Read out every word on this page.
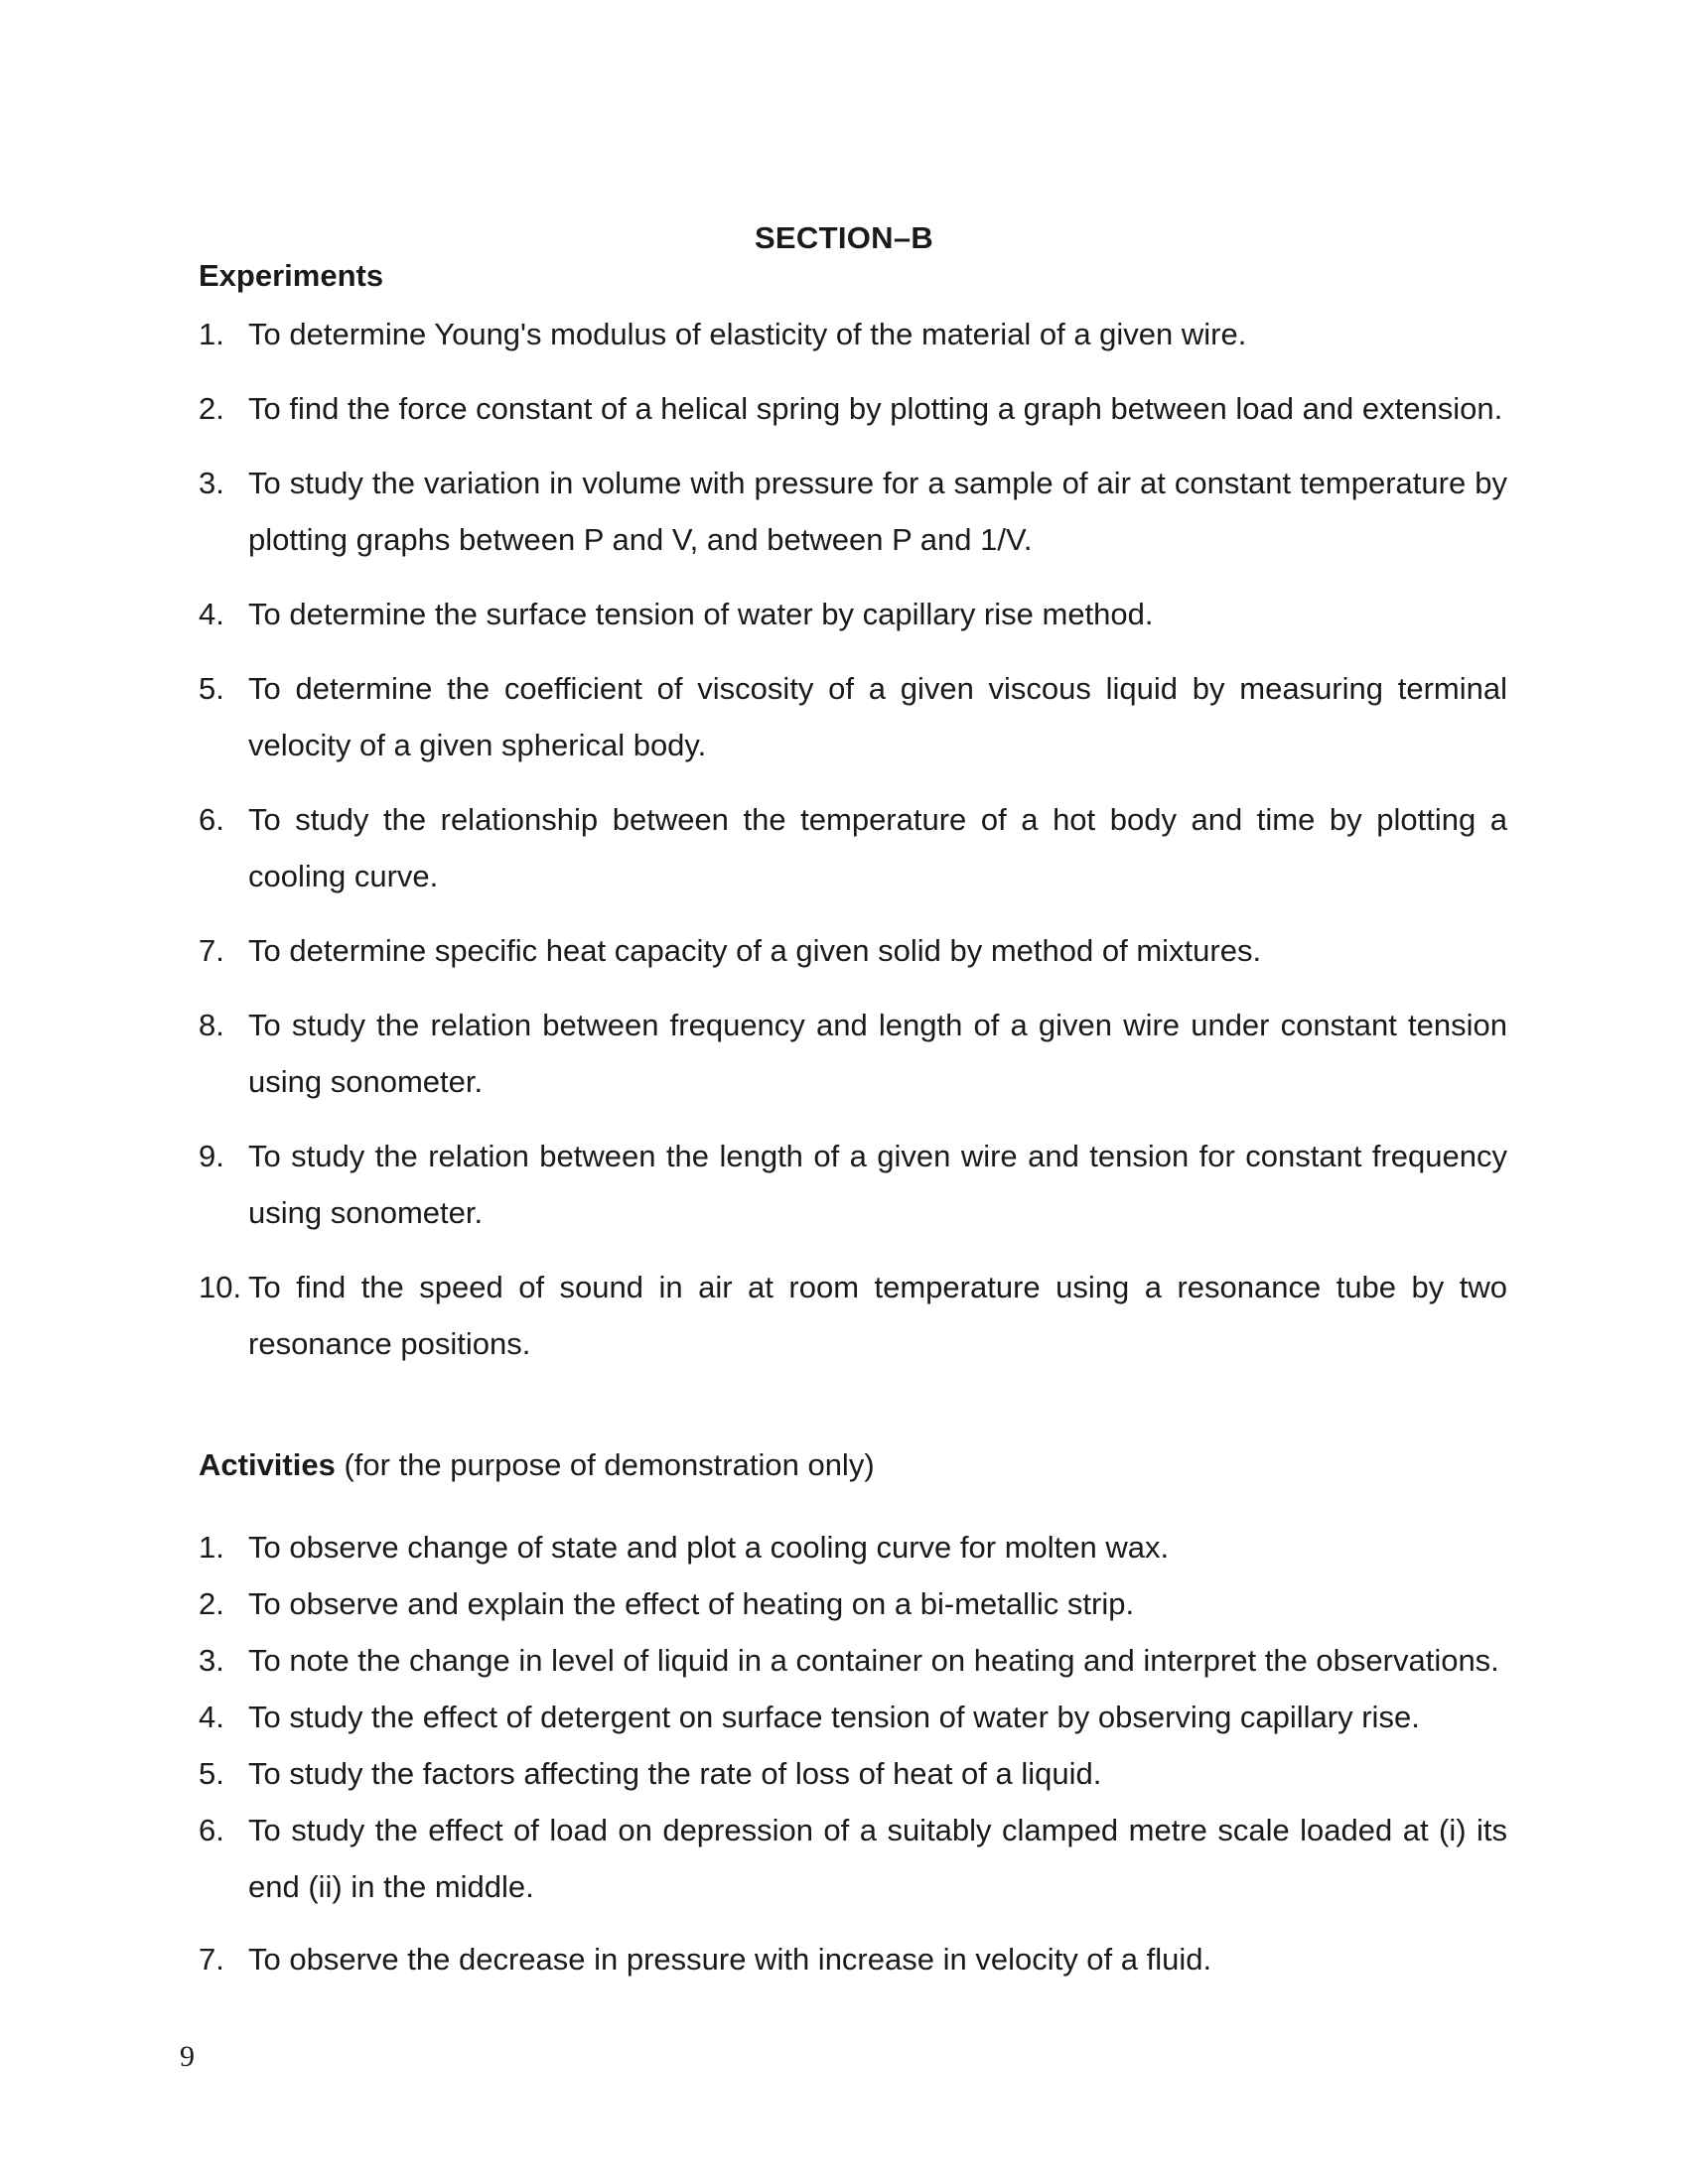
SECTION–B
Experiments
1. To determine Young's modulus of elasticity of the material of a given wire.
2. To find the force constant of a helical spring by plotting a graph between load and extension.
3. To study the variation in volume with pressure for a sample of air at constant temperature by plotting graphs between P and V, and between P and 1/V.
4. To determine the surface tension of water by capillary rise method.
5. To determine the coefficient of viscosity of a given viscous liquid by measuring terminal velocity of a given spherical body.
6. To study the relationship between the temperature of a hot body and time by plotting a cooling curve.
7. To determine specific heat capacity of a given solid by method of mixtures.
8. To study the relation between frequency and length of a given wire under constant tension using sonometer.
9. To study the relation between the length of a given wire and tension for constant frequency using sonometer.
10. To find the speed of sound in air at room temperature using a resonance tube by two resonance positions.
Activities (for the purpose of demonstration only)
1. To observe change of state and plot a cooling curve for molten wax.
2. To observe and explain the effect of heating on a bi-metallic strip.
3. To note the change in level of liquid in a container on heating and interpret the observations.
4. To study the effect of detergent on surface tension of water by observing capillary rise.
5. To study the factors affecting the rate of loss of heat of a liquid.
6. To study the effect of load on depression of a suitably clamped metre scale loaded at (i) its end (ii) in the middle.
7. To observe the decrease in pressure with increase in velocity of a fluid.
9
